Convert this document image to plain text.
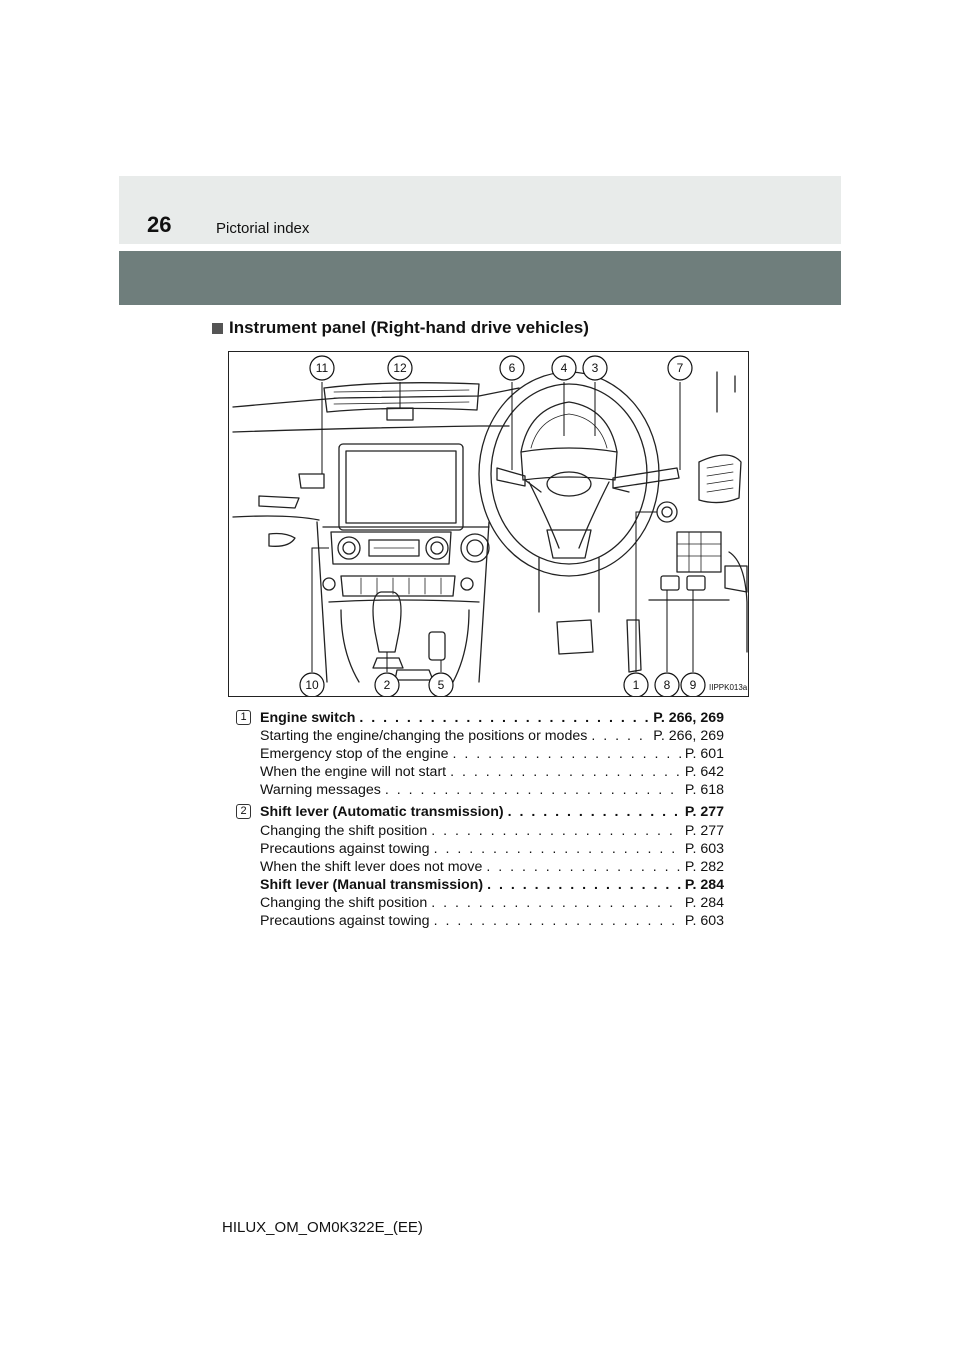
26	Pictorial index
Instrument panel (Right-hand drive vehicles)
11	12	6	4 3	7
10	2	5	1 8 9 IIPPK013a
1 Engine switch . . .	P. 266, 269
Starting the engine/changing the positions or modes . . .	P. 266, 269
Emergency stop of the engine . . .	P. 601
When the engine will not start . . .	P. 642
Warning messages . . .	P. 618
2 Shift lever (Automatic transmission) . . .	P. 277
Changing the shift position . . .	P. 277
Precautions against towing . . .	P. 603
When the shift lever does not move . . .	P. 282
Shift lever (Manual transmission) . . .	P. 284
Changing the shift position . . .	P. 284
Precautions against towing . . .	P. 603
HILUX_OM_OM0K322E_(EE)
